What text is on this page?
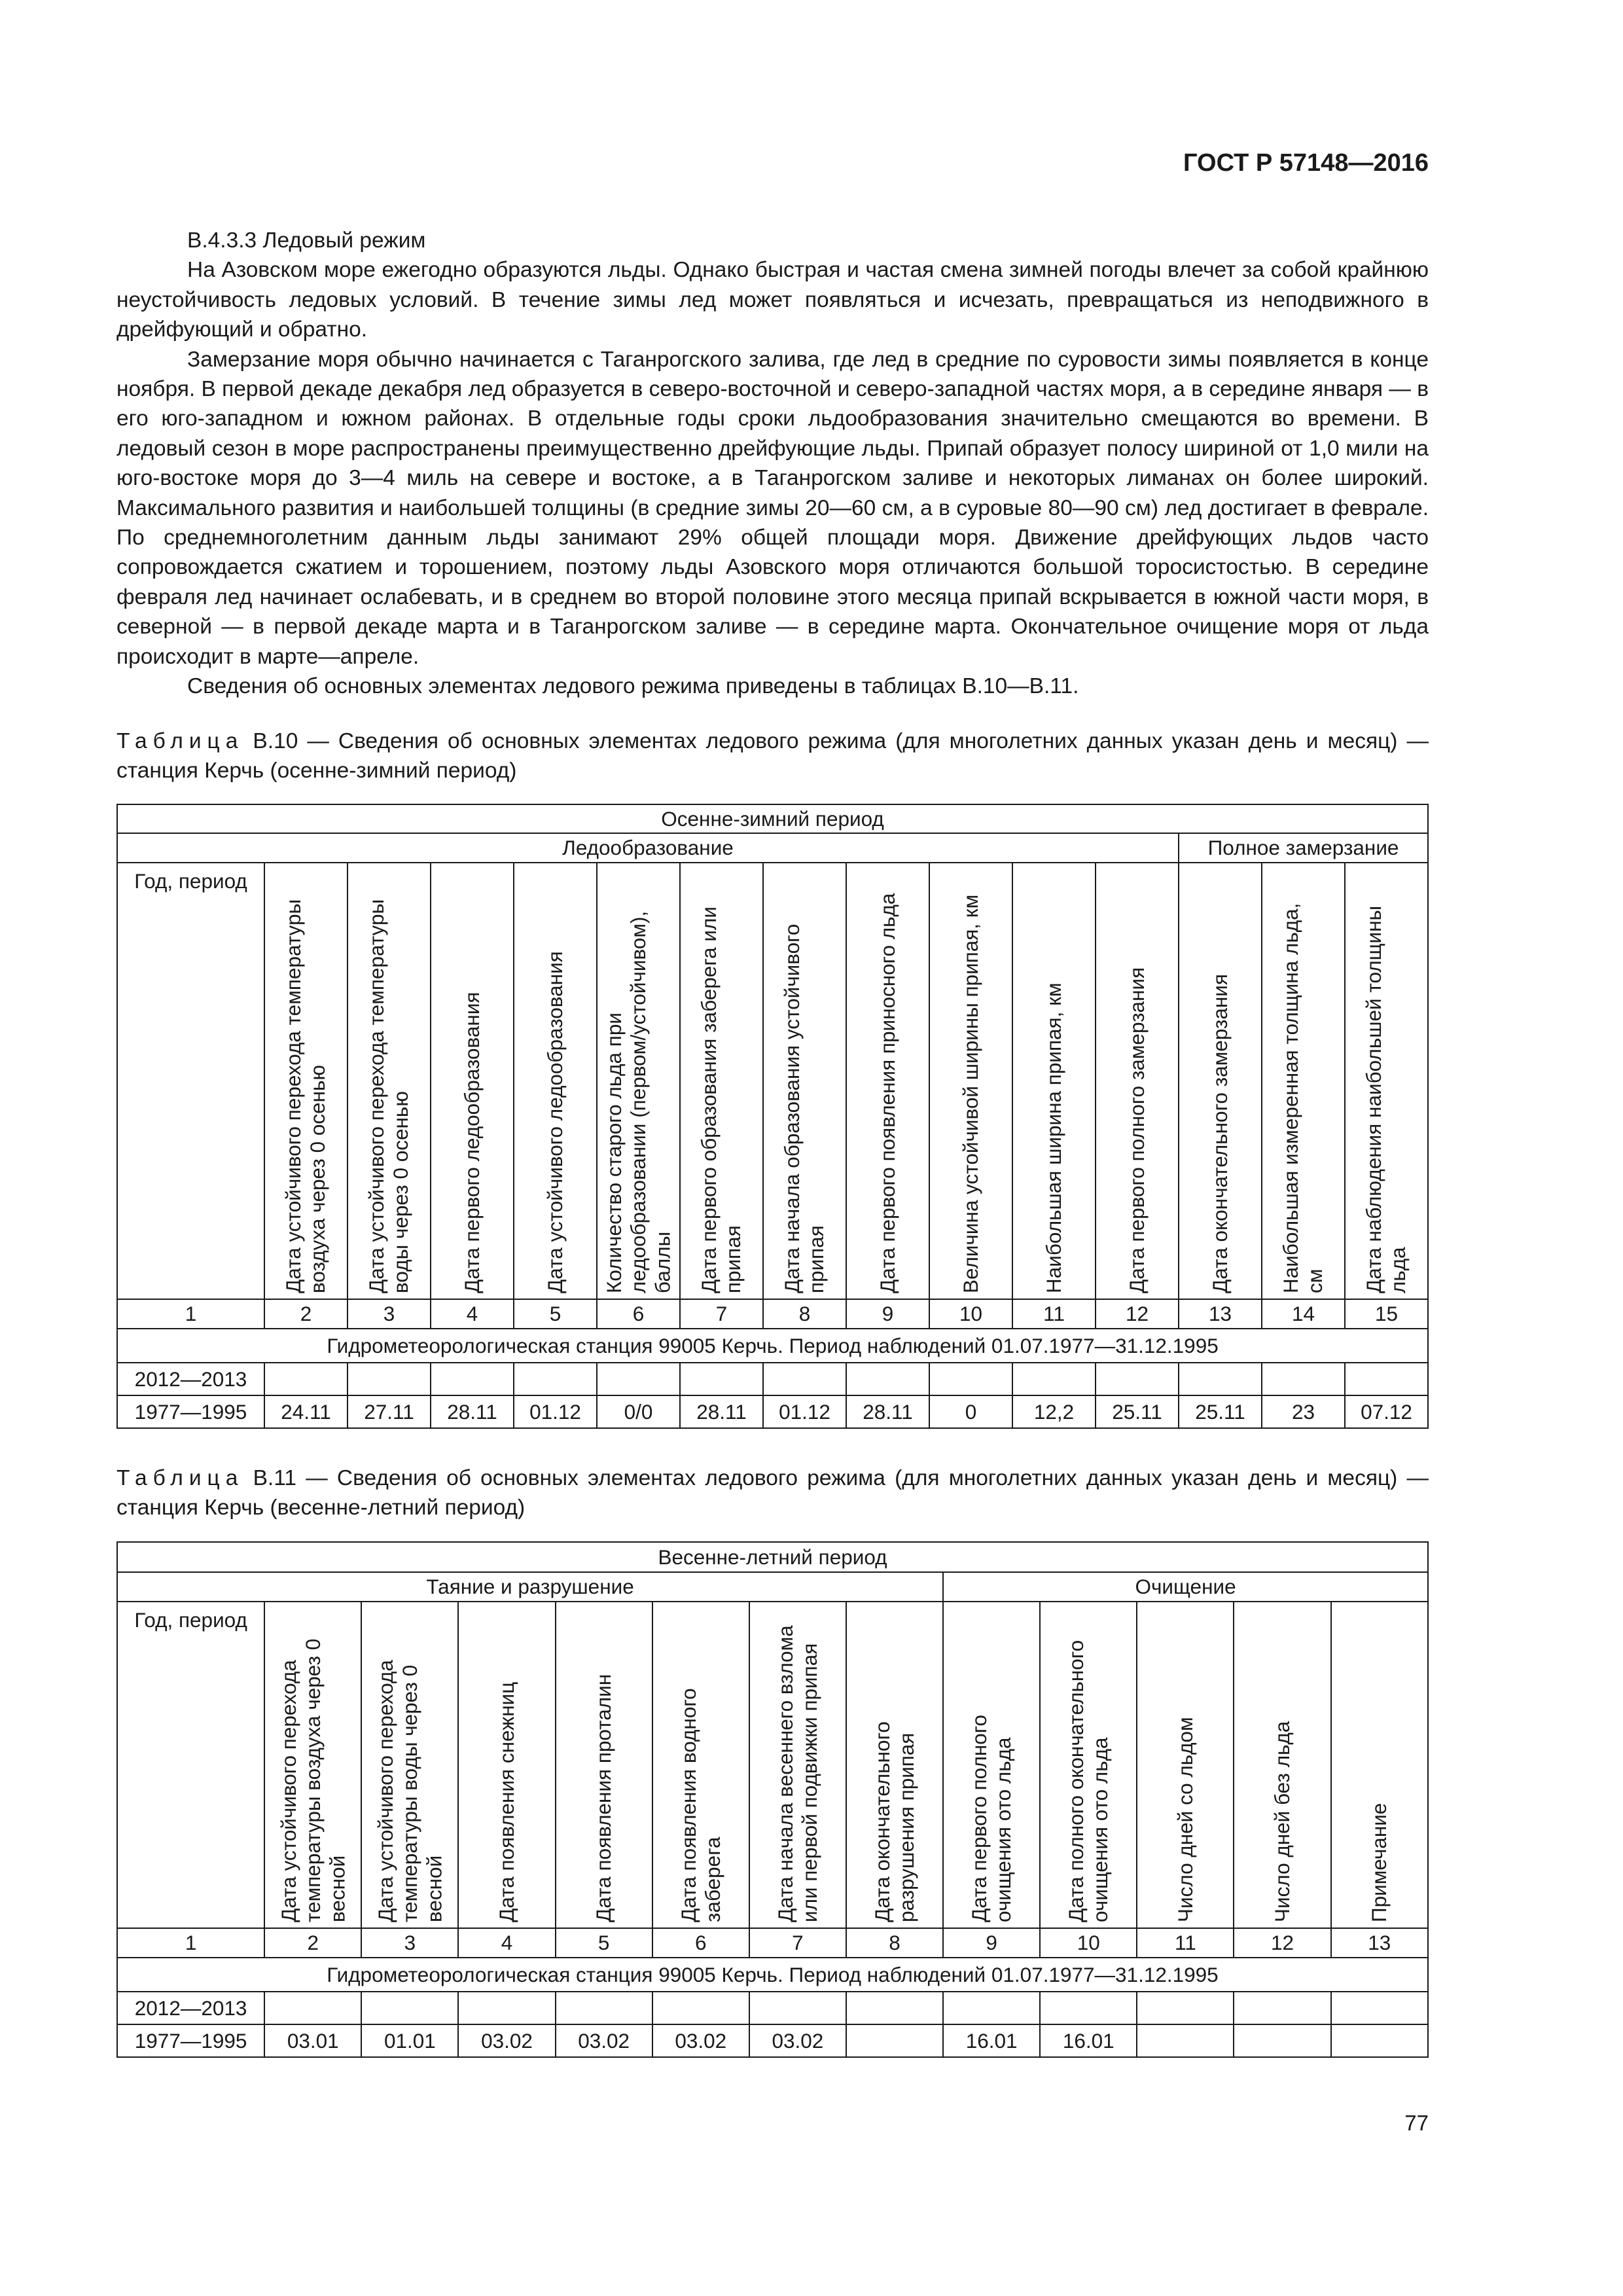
ГОСТ Р 57148—2016

В.4.3.3 Ледовый режим

На Азовском море ежегодно образуются льды. Однако быстрая и частая смена зимней погоды влечет за собой крайнюю неустойчивость ледовых условий. В течение зимы лед может появляться и исчезать, превращаться из неподвижного в дрейфующий и обратно.

Замерзание моря обычно начинается с Таганрогского залива, где лед в средние по суровости зимы появляется в конце ноября. В первой декаде декабря лед образуется в северо-восточной и северо-западной частях моря, а в середине января — в его юго-западном и южном районах. В отдельные годы сроки льдообразования значительно смещаются во времени. В ледовый сезон в море распространены преимущественно дрейфующие льды. Припай образует полосу шириной от 1,0 мили на юго-востоке моря до 3—4 миль на севере и востоке, а в Таганрогском заливе и некоторых лиманах он более широкий. Максимального развития и наибольшей толщины (в средние зимы 20—60 см, а в суровые 80—90 см) лед достигает в феврале. По среднемноголетним данным льды занимают 29% общей площади моря. Движение дрейфующих льдов часто сопровождается сжатием и торошением, поэтому льды Азовского моря отличаются большой торосистостью. В середине февраля лед начинает ослабевать, и в среднем во второй половине этого месяца припай вскрывается в южной части моря, в северной — в первой декаде марта и в Таганрогском заливе — в середине марта. Окончательное очищение моря от льда происходит в марте—апреле.

Сведения об основных элементах ледового режима приведены в таблицах В.10—В.11.

Таблица В.10 — Сведения об основных элементах ледового режима (для многолетних данных указан день и месяц) — станция Керчь (осенне-зимний период)

Осенне-зимний период														
Ледообразование												Полное замерзание		
Год, период	Дата устойчивого перехода температуры воздуха через 0 осенью	Дата устойчивого перехода температуры воды через 0 осенью	Дата первого ледообразования	Дата устойчивого ледообразования	Количество старого льда при ледообразовании (первом/устойчивом), баллы	Дата первого образования заберега или припая	Дата начала образования устойчивого припая	Дата первого появления приносного льда	Величина устойчивой ширины припая, км	Наибольшая ширина припая, км	Дата первого полного замерзания	Дата окончательного замерзания	Наибольшая измеренная толщина льда, см	Дата наблюдения наибольшей толщины льда

1	2	3	4	5	6	7	8	9	10	11	12	13	14	15
Гидрометеорологическая станция 99005 Керчь. Период наблюдений 01.07.1977—31.12.1995														
2012—2013														
1977—1995	24.11	27.11	28.11	01.12	0/0	28.11	01.12	28.11	0	12,2	25.11	25.11	23	07.12

Таблица В.11 — Сведения об основных элементах ледового режима (для многолетних данных указан день и месяц) — станция Керчь (весенне-летний период)

Весенне-летний период												
Таяние и разрушение								Очищение				
Год, период	Дата устойчивого перехода температуры воздуха через 0 весной	Дата устойчивого перехода температуры воды через 0 весной	Дата появления снежниц	Дата появления проталин	Дата появления водного заберега	Дата начала весеннего взлома или первой подвижки припая	Дата окончательного разрушения припая	Дата первого полного очищения ото льда	Дата полного окончательного очищения ото льда	Число дней со льдом	Число дней без льда	Примечание

1	2	3	4	5	6	7	8	9	10	11	12	13
Гидрометеорологическая станция 99005 Керчь. Период наблюдений 01.07.1977—31.12.1995												
2012—2013												
1977—1995	03.01	01.01	03.02	03.02	03.02	03.02		16.01	16.01			
77
